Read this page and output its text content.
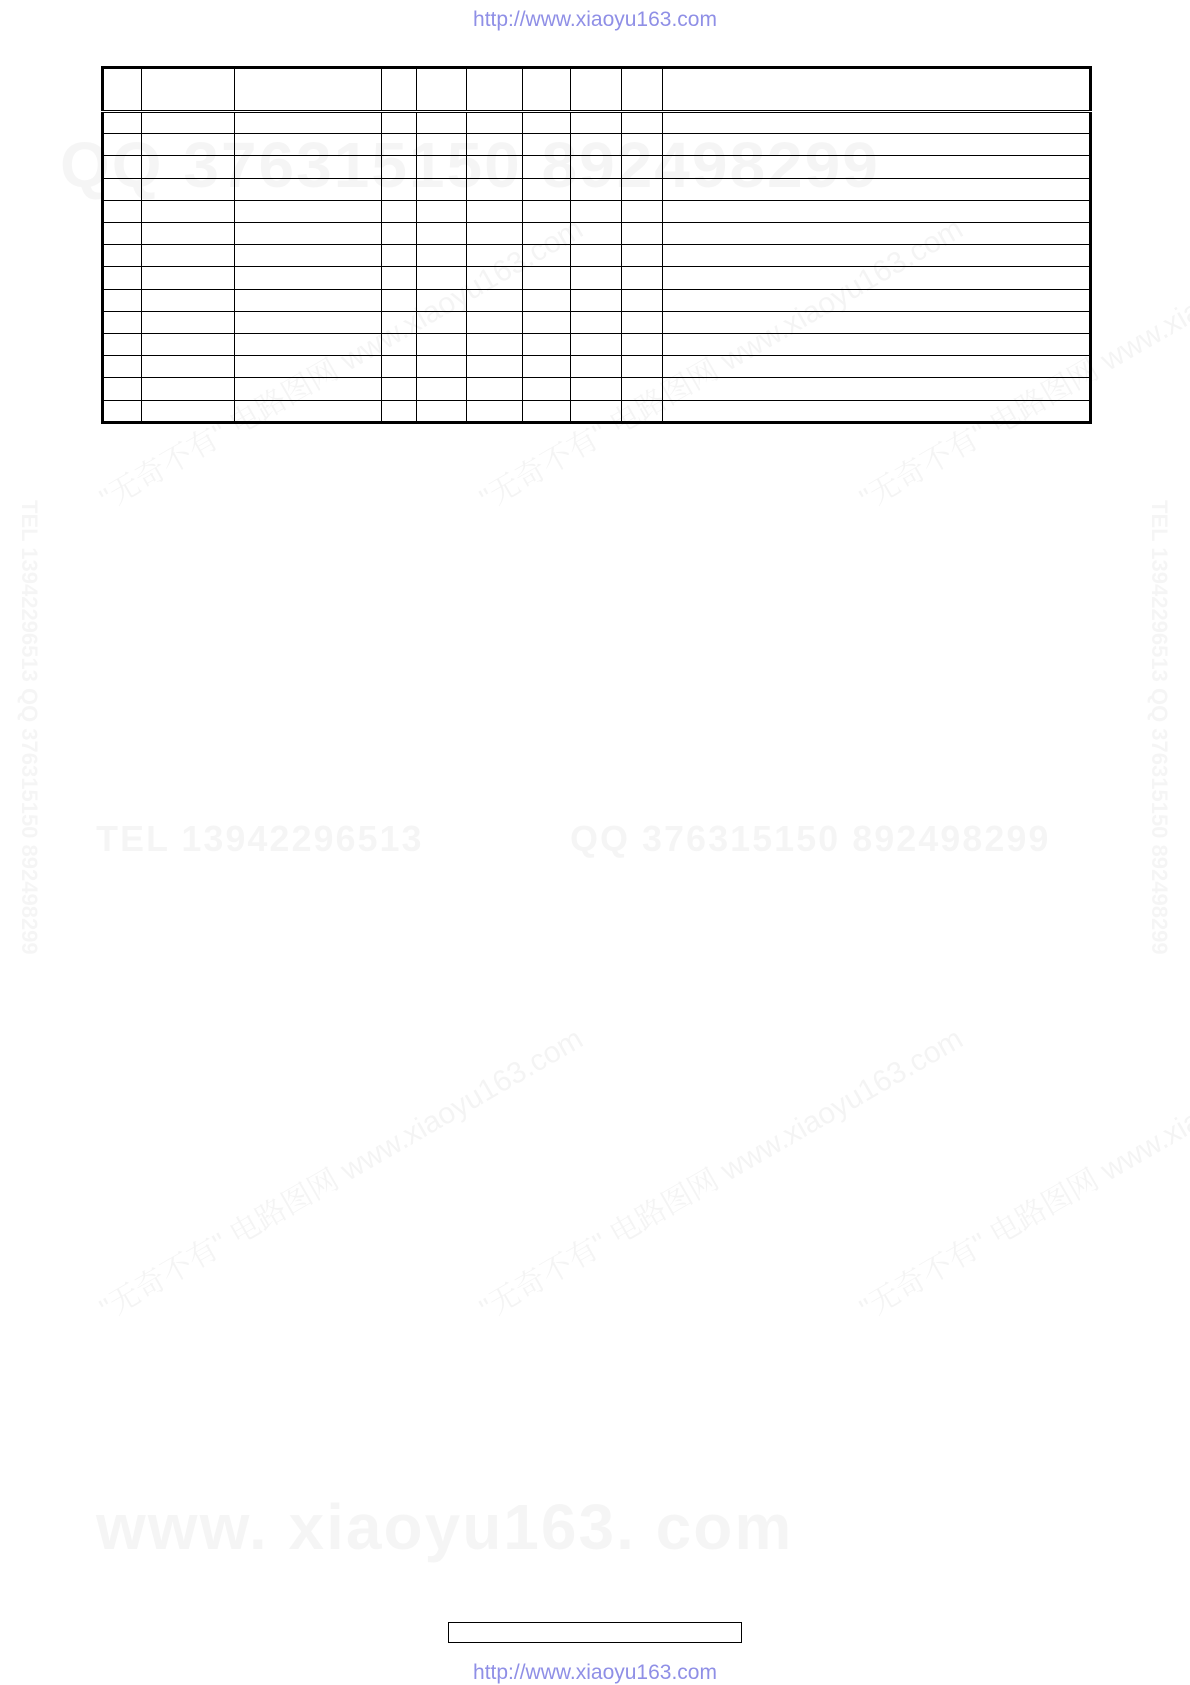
http://www.xiaoyu163.com

http://www.xiaoyu163.com
